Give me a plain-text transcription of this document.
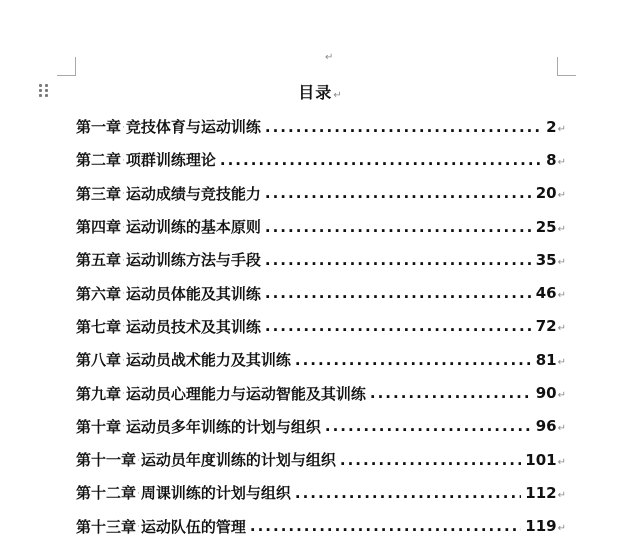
↵
目录↵
第一章·竞技体育与运动训练 .....	2↵
第二章·项群训练理论 .....	8↵
第三章·运动成绩与竞技能力 .....	20↵
第四章·运动训练的基本原则 .....	25↵
第五章·运动训练方法与手段 .....	35↵
第六章·运动员体能及其训练 .....	46↵
第七章·运动员技术及其训练 .....	72↵
第八章·运动员战术能力及其训练 .....	81↵
第九章·运动员心理能力与运动智能及其训练 .....	90↵
第十章·运动员多年训练的计划与组织 .....	96↵
第十一章·运动员年度训练的计划与组织 .....	101↵
第十二章·周课训练的计划与组织 .....	112↵
第十三章·运动队伍的管理 .....	119↵
